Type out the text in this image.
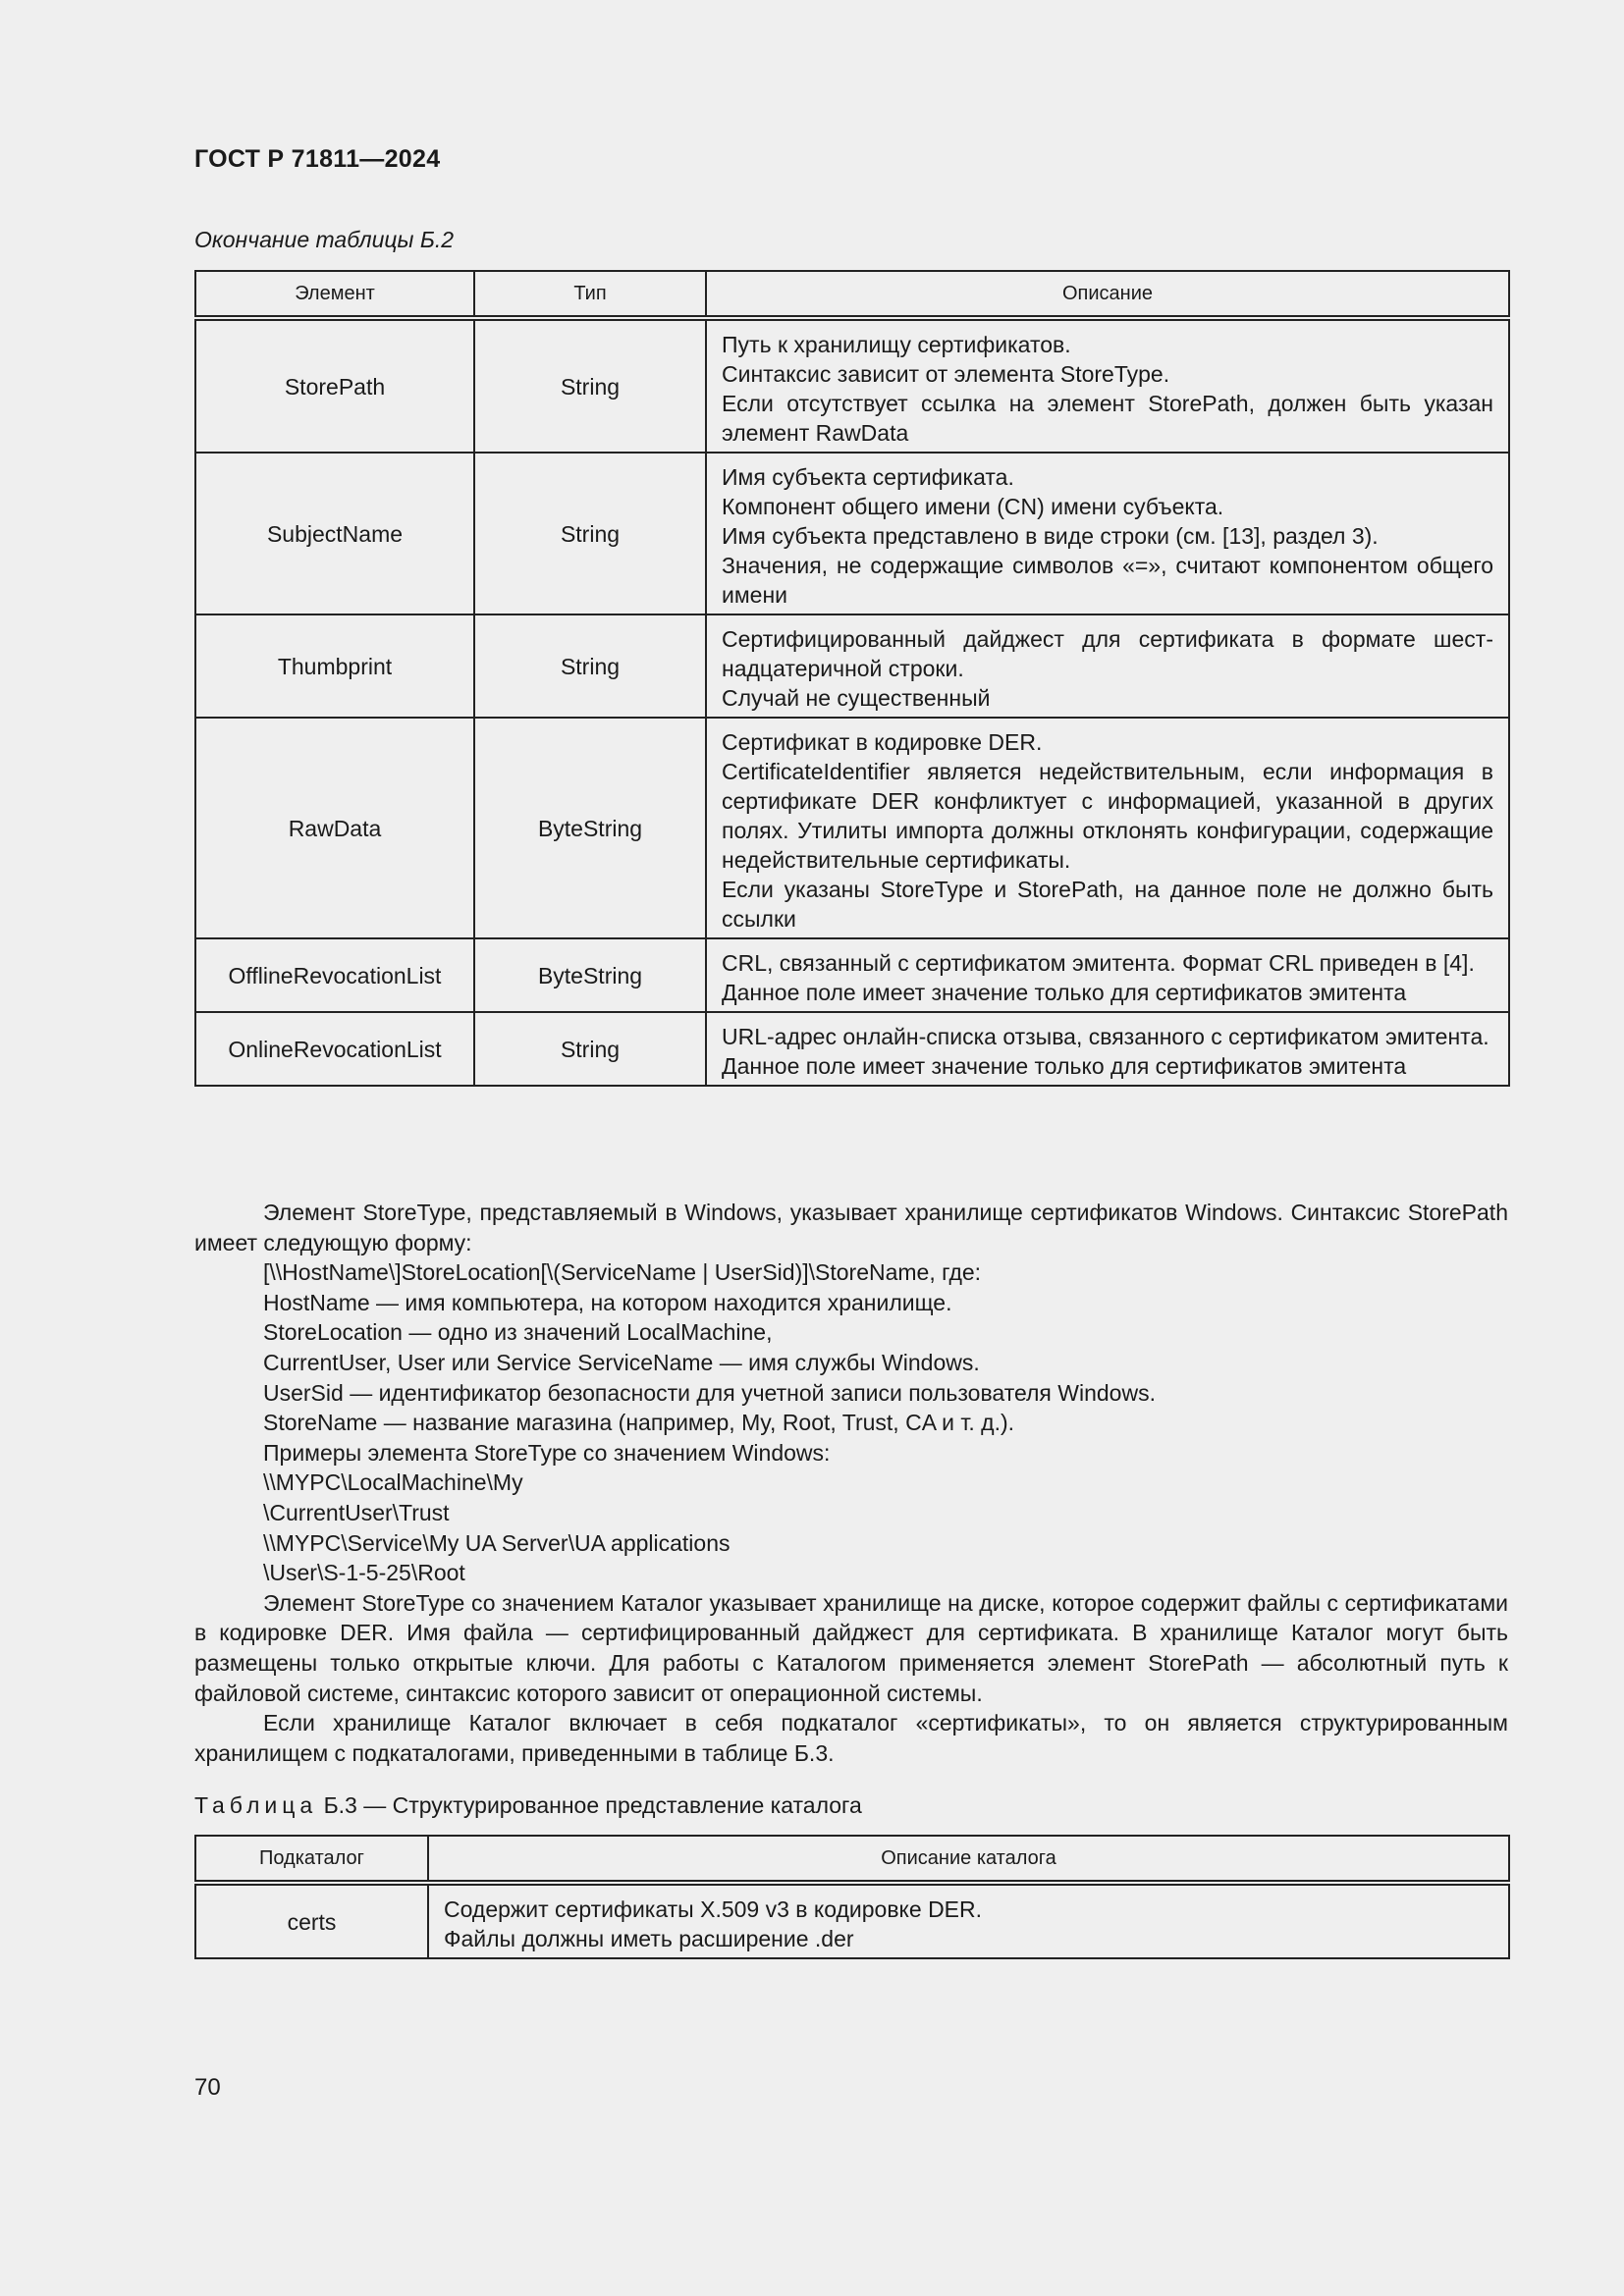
ГОСТ Р 71811—2024
Окончание таблицы Б.2
Элемент	Тип	Описание
StorePath	String	Путь к хранилищу сертификатов.
Синтаксис зависит от элемента StoreType.
Если отсутствует ссылка на элемент StorePath, должен быть указан элемент RawData

SubjectName	String	Имя субъекта сертификата.
Компонент общего имени (CN) имени субъекта.
Имя субъекта представлено в виде строки (см. [13], раздел 3).
Значения, не содержащие символов «=», считают компонентом общего имени

Thumbprint	String	Сертифицированный дайджест для сертификата в формате шестнадцатеричной строки.
Случай не существенный

RawData	ByteString	Сертификат в кодировке DER.
CertificateIdentifier является недействительным, если информация в сертификате DER конфликтует с информацией, указанной в других полях. Утилиты импорта должны отклонять конфигурации, содержащие недействительные сертификаты.
Если указаны StoreType и StorePath, на данное поле не должно быть ссылки

OfflineRevocationList	ByteString	CRL, связанный с сертификатом эмитента. Формат CRL приведен в [4].
Данное поле имеет значение только для сертификатов эмитента

OnlineRevocationList	String	URL-адрес онлайн-списка отзыва, связанного с сертификатом эмитента.
Данное поле имеет значение только для сертификатов эмитента

Элемент StoreType, представляемый в Windows, указывает хранилище сертификатов Windows. Синтаксис StorePath имеет следующую форму:

[\\HostName\]StoreLocation[\(ServiceName | UserSid)]\StoreName, где:

HostName — имя компьютера, на котором находится хранилище.

StoreLocation — одно из значений LocalMachine,

CurrentUser, User или Service ServiceName — имя службы Windows.

UserSid — идентификатор безопасности для учетной записи пользователя Windows.

StoreName — название магазина (например, My, Root, Trust, CA и т. д.).

Примеры элемента StoreType со значением Windows:

\\MYPC\LocalMachine\My

\CurrentUser\Trust

\\MYPC\Service\My UA Server\UA applications

\User\S-1-5-25\Root

Элемент StoreType со значением Каталог указывает хранилище на диске, которое содержит файлы с сертификатами в кодировке DER. Имя файла — сертифицированный дайджест для сертификата. В хранилище Каталог могут быть размещены только открытые ключи. Для работы с Каталогом применяется элемент StorePath — абсолютный путь к файловой системе, синтаксис которого зависит от операционной системы.

Если хранилище Каталог включает в себя подкаталог «сертификаты», то он является структурированным хранилищем с подкаталогами, приведенными в таблице Б.3.

Таблица Б.3 — Структурированное представление каталога
Подкаталог	Описание каталога
certs	Содержит сертификаты X.509 v3 в кодировке DER.
Файлы должны иметь расширение .der
70
